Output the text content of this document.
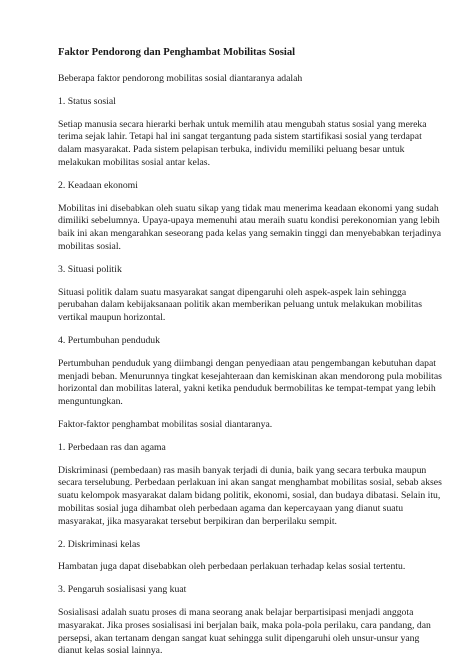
Faktor Pendorong dan Penghambat Mobilitas Sosial
Beberapa faktor pendorong mobilitas sosial diantaranya adalah
1. Status sosial
Setiap manusia secara hierarki berhak untuk memilih atau mengubah status sosial yang mereka terima sejak lahir. Tetapi hal ini sangat tergantung pada sistem startifikasi sosial yang terdapat dalam masyarakat. Pada sistem pelapisan terbuka, individu memiliki peluang besar untuk melakukan mobilitas sosial antar kelas.
2. Keadaan ekonomi
Mobilitas ini disebabkan oleh suatu sikap yang tidak mau menerima keadaan ekonomi yang sudah dimiliki sebelumnya. Upaya-upaya memenuhi atau meraih suatu kondisi perekonomian yang lebih baik ini akan mengarahkan seseorang pada kelas yang semakin tinggi dan menyebabkan terjadinya mobilitas sosial.
3. Situasi politik
Situasi politik dalam suatu masyarakat sangat dipengaruhi oleh aspek-aspek lain sehingga perubahan dalam kebijaksanaan politik akan memberikan peluang untuk melakukan mobilitas vertikal maupun horizontal.
4. Pertumbuhan penduduk
Pertumbuhan penduduk yang diimbangi dengan penyediaan atau pengembangan kebutuhan dapat menjadi beban. Menurunnya tingkat kesejahteraan dan kemiskinan akan mendorong pula mobilitas horizontal dan mobilitas lateral, yakni ketika penduduk bermobilitas ke tempat-tempat yang lebih menguntungkan.
Faktor-faktor penghambat mobilitas sosial diantaranya.
1. Perbedaan ras dan agama
Diskriminasi (pembedaan) ras masih banyak terjadi di dunia, baik yang secara terbuka maupun secara terselubung. Perbedaan perlakuan ini akan sangat menghambat mobilitas sosial, sebab akses suatu kelompok masyarakat dalam bidang politik, ekonomi, sosial, dan budaya dibatasi. Selain itu, mobilitas sosial juga dihambat oleh perbedaan agama dan kepercayaan yang dianut suatu masyarakat, jika masyarakat tersebut berpikiran dan berperilaku sempit.
2. Diskriminasi kelas
Hambatan juga dapat disebabkan oleh perbedaan perlakuan terhadap kelas sosial tertentu.
3. Pengaruh sosialisasi yang kuat
Sosialisasi adalah suatu proses di mana seorang anak belajar berpartisipasi menjadi anggota masyarakat. Jika proses sosialisasi ini berjalan baik, maka pola-pola perilaku, cara pandang, dan persepsi, akan tertanam dengan sangat kuat sehingga sulit dipengaruhi oleh unsur-unsur yang dianut kelas sosial lainnya.
